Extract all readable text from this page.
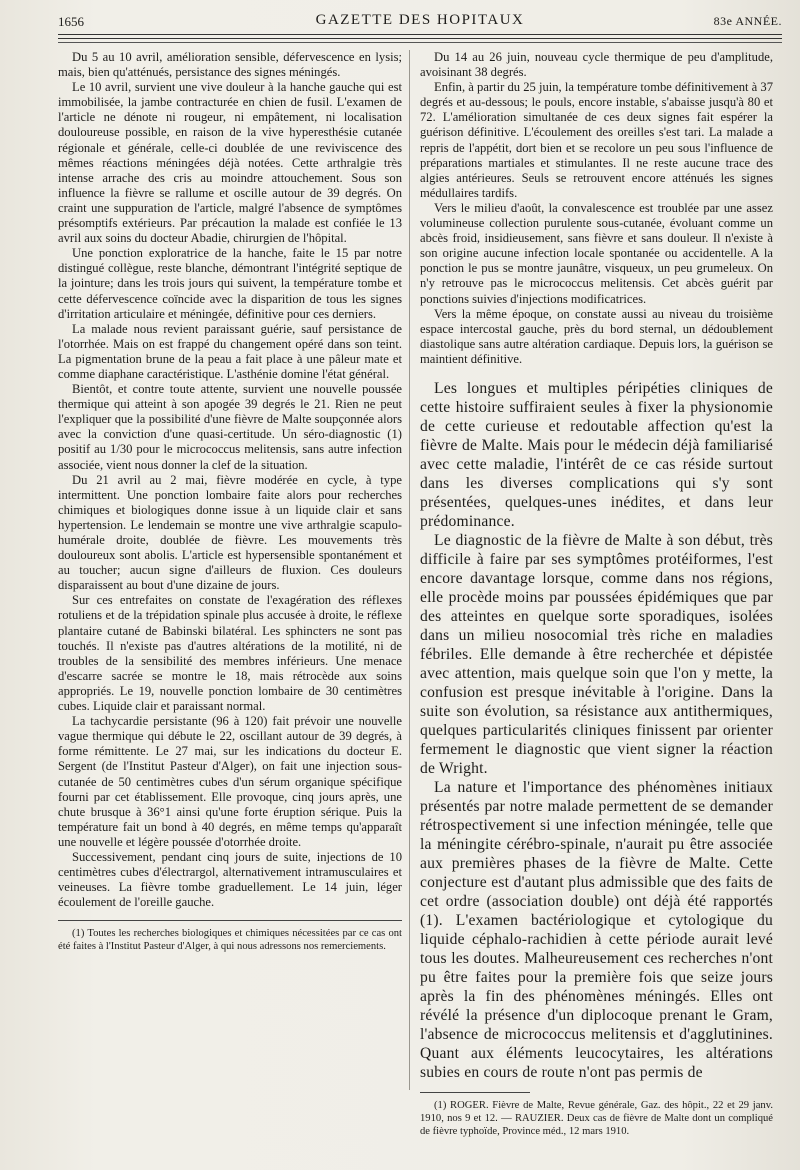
1656	GAZETTE DES HOPITAUX	83e ANNÉE.

Du 5 au 10 avril, amélioration sensible, défervescence en lysis; mais, bien qu'atténués, persistance des signes méningés.

Le 10 avril, survient une vive douleur à la hanche gauche qui est immobilisée, la jambe contracturée en chien de fusil. L'examen de l'article ne dénote ni rougeur, ni empâtement, ni localisation douloureuse possible, en raison de la vive hyperesthésie cutanée régionale et générale, celle-ci doublée de une reviviscence des mêmes réactions méningées déjà notées. Cette arthralgie très intense arrache des cris au moindre attouchement. Sous son influence la fièvre se rallume et oscille autour de 39 degrés. On craint une suppuration de l'article, malgré l'absence de symptômes présomptifs extérieurs. Par précaution la malade est confiée le 13 avril aux soins du docteur Abadie, chirurgien de l'hôpital.

Une ponction exploratrice de la hanche, faite le 15 par notre distingué collègue, reste blanche, démontrant l'intégrité septique de la jointure; dans les trois jours qui suivent, la température tombe et cette défervescence coïncide avec la disparition de tous les signes d'irritation articulaire et méningée, définitive pour ces derniers.

La malade nous revient paraissant guérie, sauf persistance de l'otorrhée. Mais on est frappé du changement opéré dans son teint. La pigmentation brune de la peau a fait place à une pâleur mate et comme diaphane caractéristique. L'asthénie domine l'état général.

Bientôt, et contre toute attente, survient une nouvelle poussée thermique qui atteint à son apogée 39 degrés le 21. Rien ne peut l'expliquer que la possibilité d'une fièvre de Malte soupçonnée alors avec la conviction d'une quasi-certitude. Un séro-diagnostic (1) positif au 1/30 pour le micrococcus melitensis, sans autre infection associée, vient nous donner la clef de la situation.

Du 21 avril au 2 mai, fièvre modérée en cycle, à type intermittent. Une ponction lombaire faite alors pour recherches chimiques et biologiques donne issue à un liquide clair et sans hypertension. Le lendemain se montre une vive arthralgie scapulo-humérale droite, doublée de fièvre. Les mouvements très douloureux sont abolis. L'article est hypersensible spontanément et au toucher; aucun signe d'ailleurs de fluxion. Ces douleurs disparaissent au bout d'une dizaine de jours.

Sur ces entrefaites on constate de l'exagération des réflexes rotuliens et de la trépidation spinale plus accusée à droite, le réflexe plantaire cutané de Babinski bilatéral. Les sphincters ne sont pas touchés. Il n'existe pas d'autres altérations de la motilité, ni de troubles de la sensibilité des membres inférieurs. Une menace d'escarre sacrée se montre le 18, mais rétrocède aux soins appropriés. Le 19, nouvelle ponction lombaire de 30 centimètres cubes. Liquide clair et paraissant normal.

La tachycardie persistante (96 à 120) fait prévoir une nouvelle vague thermique qui débute le 22, oscillant autour de 39 degrés, à forme rémittente. Le 27 mai, sur les indications du docteur E. Sergent (de l'Institut Pasteur d'Alger), on fait une injection sous-cutanée de 50 centimètres cubes d'un sérum organique spécifique fourni par cet établissement. Elle provoque, cinq jours après, une chute brusque à 36°1 ainsi qu'une forte éruption sérique. Puis la température fait un bond à 40 degrés, en même temps qu'apparaît une nouvelle et légère poussée d'otorrhée droite.

Successivement, pendant cinq jours de suite, injections de 10 centimètres cubes d'électrargol, alternativement intramusculaires et veineuses. La fièvre tombe graduellement. Le 14 juin, léger écoulement de l'oreille gauche.

(1) Toutes les recherches biologiques et chimiques nécessitées par ce cas ont été faites à l'Institut Pasteur d'Alger, à qui nous adressons nos remerciements.

Du 14 au 26 juin, nouveau cycle thermique de peu d'amplitude, avoisinant 38 degrés.

Enfin, à partir du 25 juin, la température tombe définitivement à 37 degrés et au-dessous; le pouls, encore instable, s'abaisse jusqu'à 80 et 72. L'amélioration simultanée de ces deux signes fait espérer la guérison définitive. L'écoulement des oreilles s'est tari. La malade a repris de l'appétit, dort bien et se recolore un peu sous l'influence de préparations martiales et stimulantes. Il ne reste aucune trace des algies antérieures. Seuls se retrouvent encore atténués les signes médullaires tardifs.

Vers le milieu d'août, la convalescence est troublée par une assez volumineuse collection purulente sous-cutanée, évoluant comme un abcès froid, insidieusement, sans fièvre et sans douleur. Il n'existe à son origine aucune infection locale spontanée ou accidentelle. A la ponction le pus se montre jaunâtre, visqueux, un peu grumeleux. On n'y retrouve pas le micrococcus melitensis. Cet abcès guérit par ponctions suivies d'injections modificatrices.

Vers la même époque, on constate aussi au niveau du troisième espace intercostal gauche, près du bord sternal, un dédoublement diastolique sans autre altération cardiaque. Depuis lors, la guérison se maintient définitive.

Les longues et multiples péripéties cliniques de cette histoire suffiraient seules à fixer la physionomie de cette curieuse et redoutable affection qu'est la fièvre de Malte. Mais pour le médecin déjà familiarisé avec cette maladie, l'intérêt de ce cas réside surtout dans les diverses complications qui s'y sont présentées, quelques-unes inédites, et dans leur prédominance.

Le diagnostic de la fièvre de Malte à son début, très difficile à faire par ses symptômes protéiformes, l'est encore davantage lorsque, comme dans nos régions, elle procède moins par poussées épidémiques que par des atteintes en quelque sorte sporadiques, isolées dans un milieu nosocomial très riche en maladies fébriles. Elle demande à être recherchée et dépistée avec attention, mais quelque soin que l'on y mette, la confusion est presque inévitable à l'origine. Dans la suite son évolution, sa résistance aux antithermiques, quelques particularités cliniques finissent par orienter fermement le diagnostic que vient signer la réaction de Wright.

La nature et l'importance des phénomènes initiaux présentés par notre malade permettent de se demander rétrospectivement si une infection méningée, telle que la méningite cérébro-spinale, n'aurait pu être associée aux premières phases de la fièvre de Malte. Cette conjecture est d'autant plus admissible que des faits de cet ordre (association double) ont déjà été rapportés (1). L'examen bactériologique et cytologique du liquide céphalo-rachidien à cette période aurait levé tous les doutes. Malheureusement ces recherches n'ont pu être faites pour la première fois que seize jours après la fin des phénomènes méningés. Elles ont révélé la présence d'un diplocoque prenant le Gram, l'absence de micrococcus melitensis et d'agglutinines. Quant aux éléments leucocytaires, les altérations subies en cours de route n'ont pas permis de

(1) ROGER. Fièvre de Malte, Revue générale, Gaz. des hôpit., 22 et 29 janv. 1910, nos 9 et 12. — RAUZIER. Deux cas de fièvre de Malte dont un compliqué de fièvre typhoïde, Province méd., 12 mars 1910.
